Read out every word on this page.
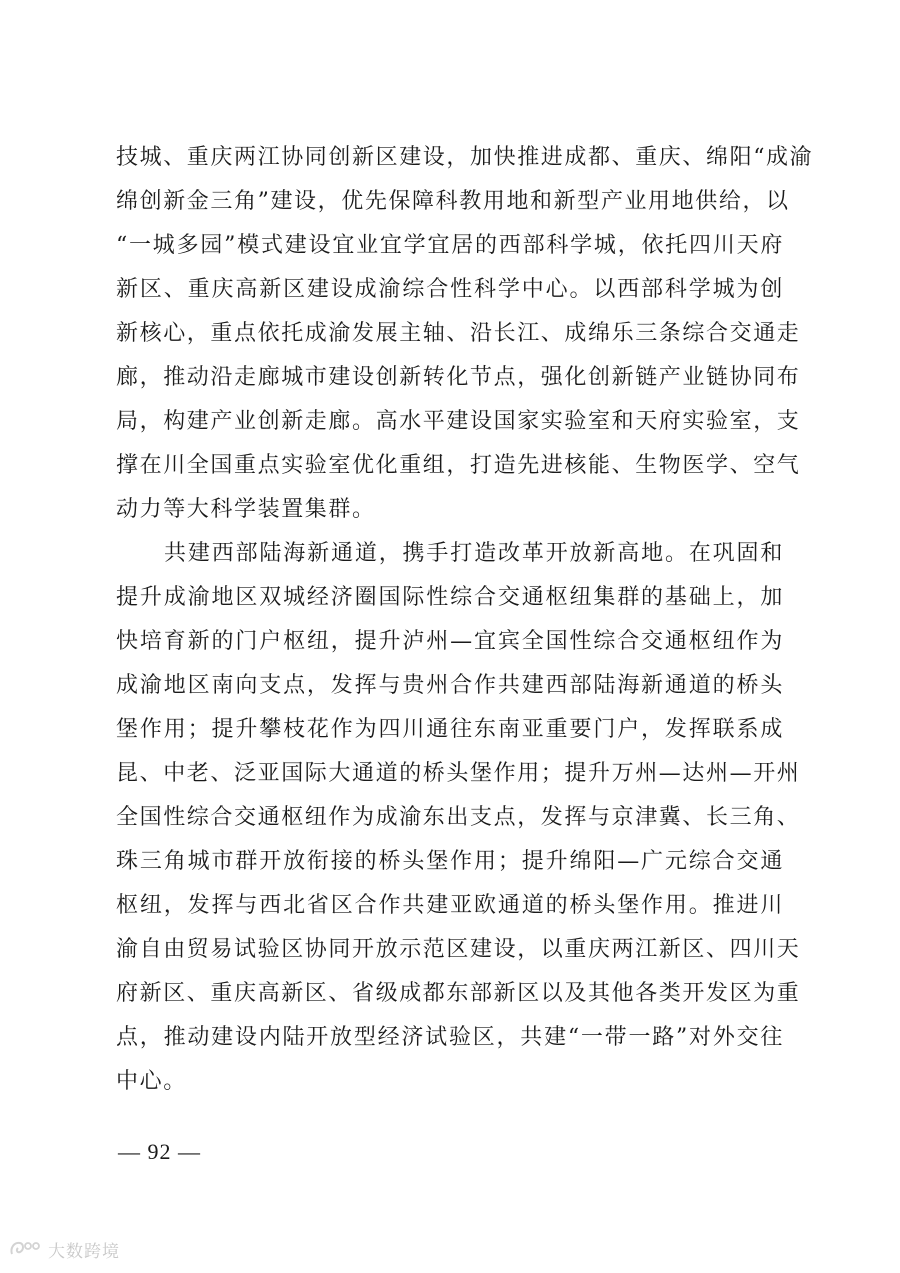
技城、重庆两江协同创新区建设，加快推进成都、重庆、绵阳“成渝
绵创新金三角”建设，优先保障科教用地和新型产业用地供给，以
“一城多园”模式建设宜业宜学宜居的西部科学城，依托四川天府
新区、重庆高新区建设成渝综合性科学中心。以西部科学城为创
新核心，重点依托成渝发展主轴、沿长江、成绵乐三条综合交通走
廊，推动沿走廊城市建设创新转化节点，强化创新链产业链协同布
局，构建产业创新走廊。高水平建设国家实验室和天府实验室，支
撑在川全国重点实验室优化重组，打造先进核能、生物医学、空气
动力等大科学装置集群。
共建西部陆海新通道，携手打造改革开放新高地。在巩固和
提升成渝地区双城经济圈国际性综合交通枢纽集群的基础上，加
快培育新的门户枢纽，提升泸州—宜宾全国性综合交通枢纽作为
成渝地区南向支点，发挥与贵州合作共建西部陆海新通道的桥头
堡作用；提升攀枝花作为四川通往东南亚重要门户，发挥联系成
昆、中老、泛亚国际大通道的桥头堡作用；提升万州—达州—开州
全国性综合交通枢纽作为成渝东出支点，发挥与京津冀、长三角、
珠三角城市群开放衔接的桥头堡作用；提升绵阳—广元综合交通
枢纽，发挥与西北省区合作共建亚欧通道的桥头堡作用。推进川
渝自由贸易试验区协同开放示范区建设，以重庆两江新区、四川天
府新区、重庆高新区、省级成都东部新区以及其他各类开发区为重
点，推动建设内陆开放型经济试验区，共建“一带一路”对外交往
中心。
— 92 —
大数跨境
